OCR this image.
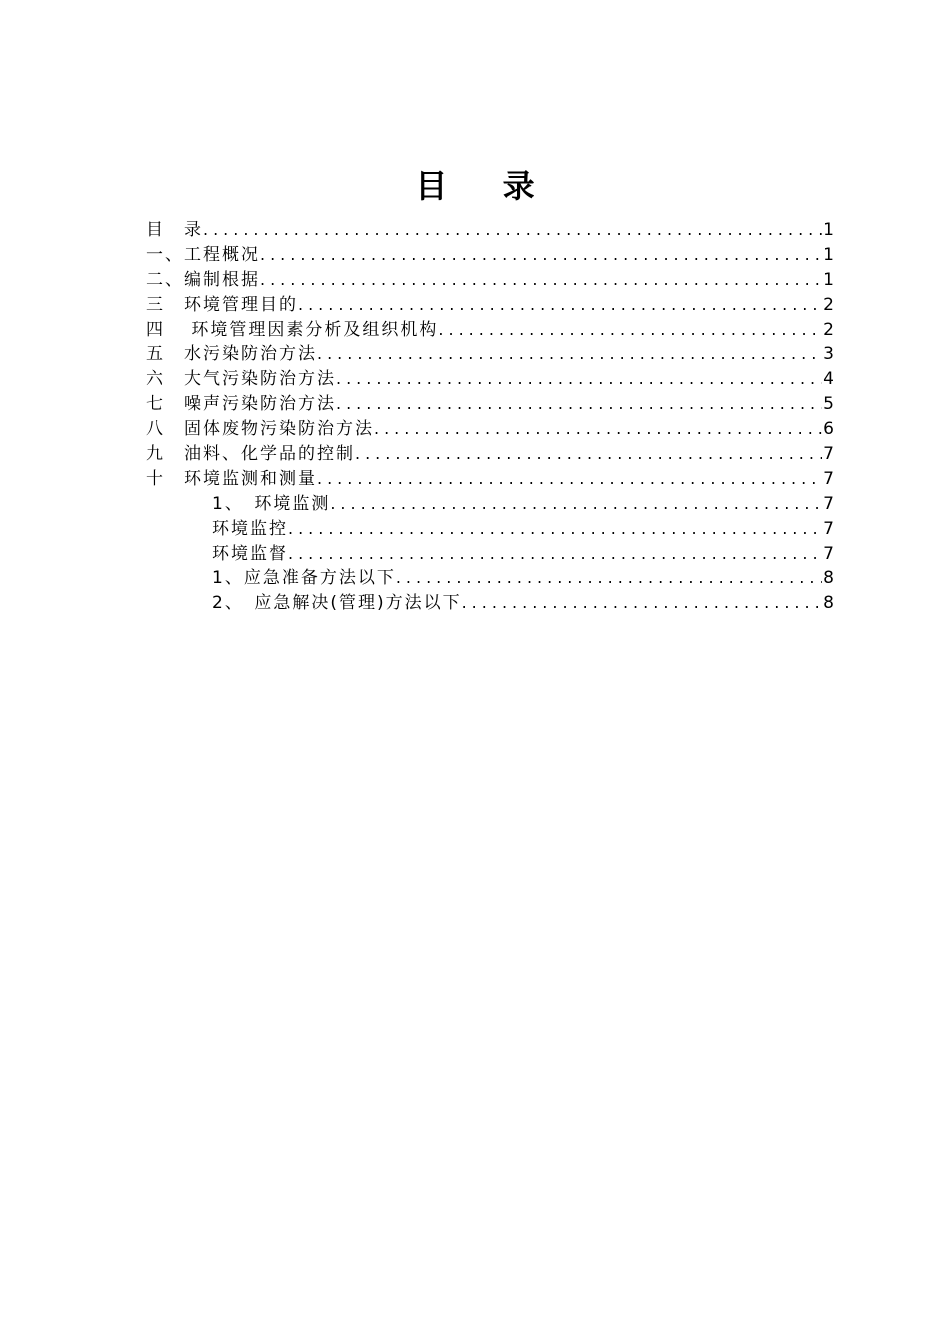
目 录
目　录 .....	1
一、工程概况 .....	1
二、编制根据 .....	1
三　环境管理目的 .....	2
四　 环境管理因素分析及组织机构 .....	2
五　水污染防治方法 .....	3
六　大气污染防治方法 .....	4
七　噪声污染防治方法 .....	5
八　固体废物污染防治方法 .....	6
九　油料、化学品的控制 .....	7
十　环境监测和测量 .....	7
1、　环境监测 .....	7
环境监控 .....	7
环境监督 .....	7
1、应急准备方法以下 .....	8
2、　应急解决(管理)方法以下 .....	8
